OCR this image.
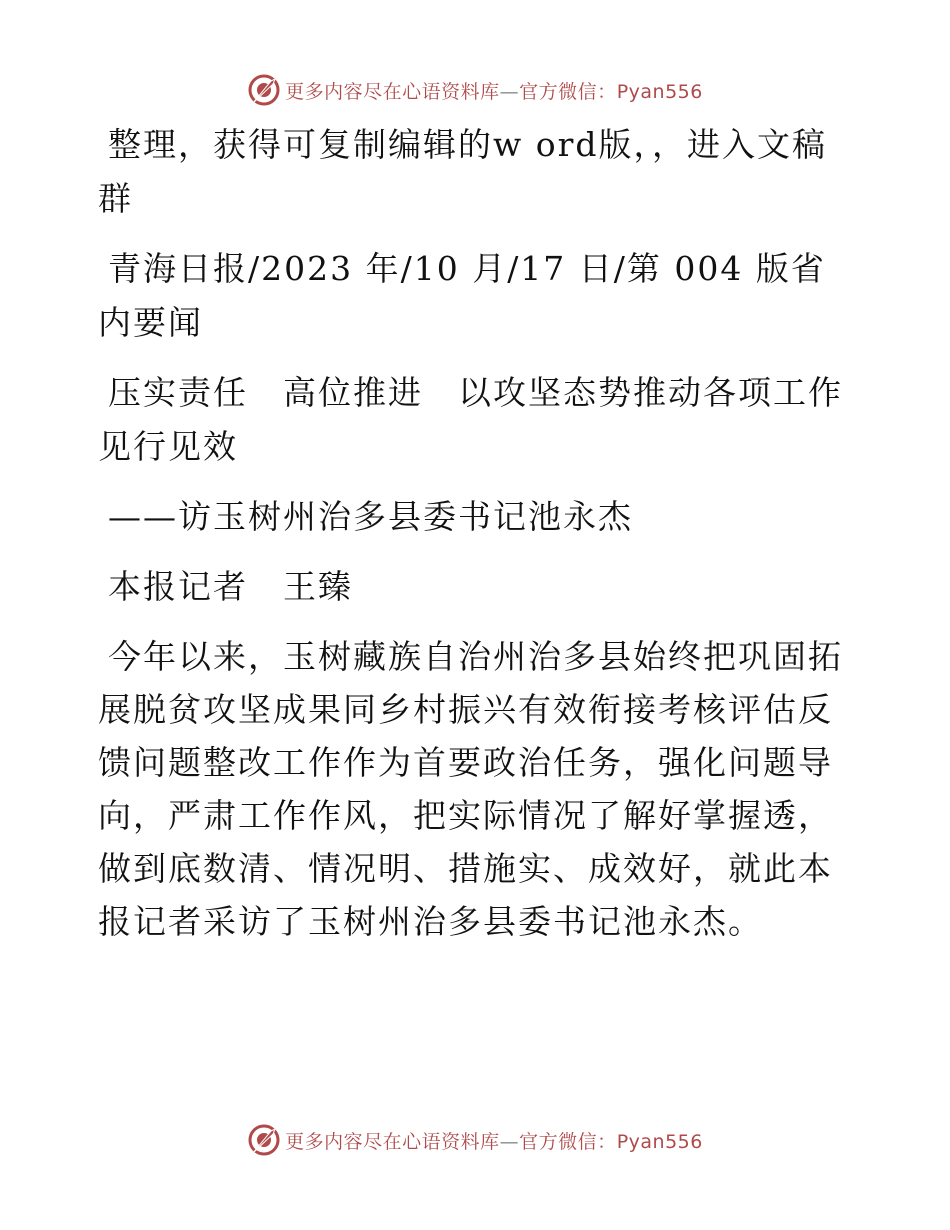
更多内容尽在心语资料库—官方微信：Pyan556

整理，获得可复制编辑的w ord版，，进入文稿群

青海日报/2023 年/10 月/17 日/第 004 版省内要闻

压实责任　高位推进　以攻坚态势推动各项工作见行见效

——访玉树州治多县委书记池永杰

本报记者　王臻

今年以来，玉树藏族自治州治多县始终把巩固拓展脱贫攻坚成果同乡村振兴有效衔接考核评估反馈问题整改工作作为首要政治任务，强化问题导向，严肃工作作风，把实际情况了解好掌握透，做到底数清、情况明、措施实、成效好，就此本报记者采访了玉树州治多县委书记池永杰。

更多内容尽在心语资料库—官方微信：Pyan556
